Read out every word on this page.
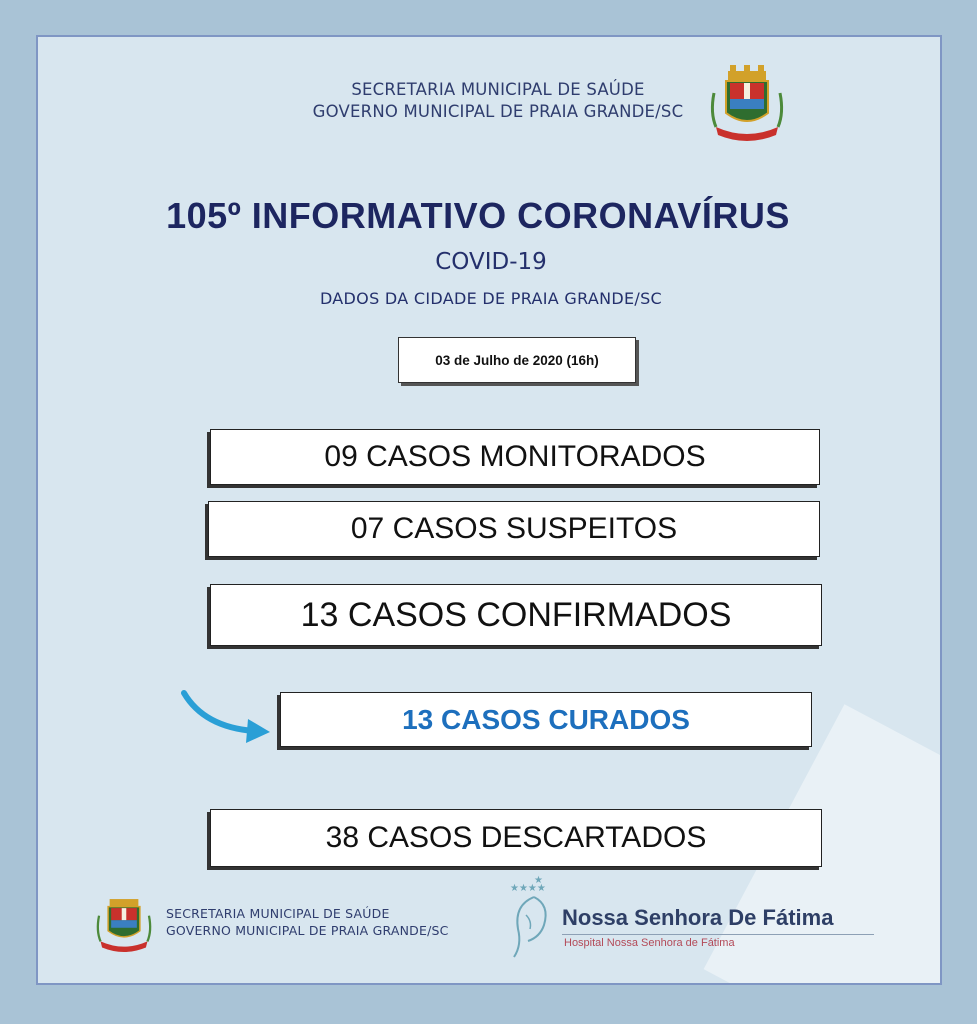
SECRETARIA MUNICIPAL DE SAÚDE
GOVERNO MUNICIPAL DE PRAIA GRANDE/SC
105º INFORMATIVO CORONAVÍRUS
COVID-19
DADOS DA CIDADE DE PRAIA GRANDE/SC
03 de Julho de 2020 (16h)
09 CASOS MONITORADOS
07 CASOS SUSPEITOS
13 CASOS CONFIRMADOS
13 CASOS CURADOS
38 CASOS DESCARTADOS
SECRETARIA MUNICIPAL DE SAÚDE
GOVERNO MUNICIPAL DE PRAIA GRANDE/SC
★★★★
★
Nossa Senhora De Fátima
Hospital Nossa Senhora de Fátima
